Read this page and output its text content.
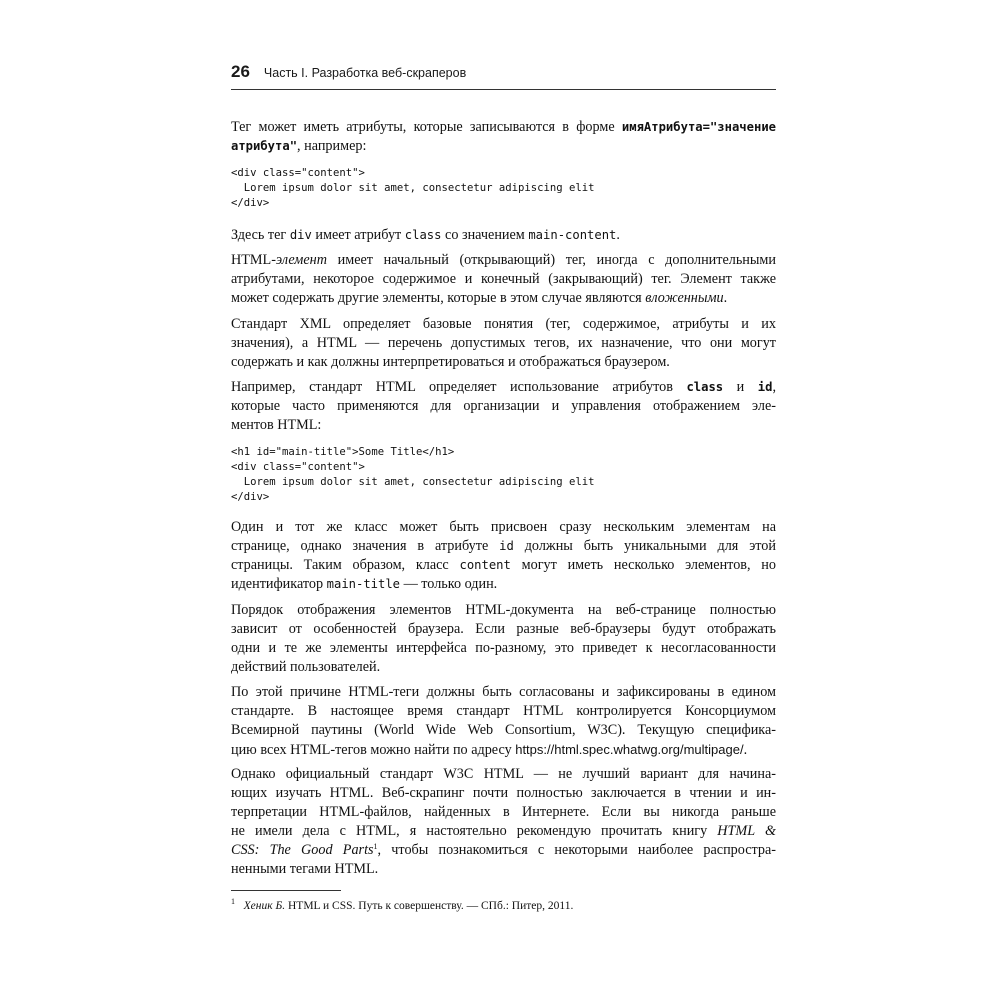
26 Часть I. Разработка веб-скраперов
Тег может иметь атрибуты, которые записываются в форме имяАтрибута="значение
атрибута", например:
<div class="content">
Lorem ipsum dolor sit amet, consectetur adipiscing elit
</div>
Здесь тег div имеет атрибут class со значением main-content.
HTML-элемент имеет начальный (открывающий) тег, иногда с дополнительными
атрибутами, некоторое содержимое и конечный (закрывающий) тег. Элемент также
может содержать другие элементы, которые в этом случае являются вложенными.
Стандарт XML определяет базовые понятия (тег, содержимое, атрибуты и их
значения), а HTML — перечень допустимых тегов, их назначение, что они могут
содержать и как должны интерпретироваться и отображаться браузером.
Например, стандарт HTML определяет использование атрибутов class и id,
которые часто применяются для организации и управления отображением эле-
ментов HTML:
<h1 id="main-title">Some Title</h1>
<div class="content">
Lorem ipsum dolor sit amet, consectetur adipiscing elit
</div>
Один и тот же класс может быть присвоен сразу нескольким элементам на
странице, однако значения в атрибуте id должны быть уникальными для этой
страницы. Таким образом, класс content могут иметь несколько элементов, но
идентификатор main-title — только один.
Порядок отображения элементов HTML-документа на веб-странице полностью
зависит от особенностей браузера. Если разные веб-браузеры будут отображать
одни и те же элементы интерфейса по-разному, это приведет к несогласованности
действий пользователей.
По этой причине HTML-теги должны быть согласованы и зафиксированы в едином
стандарте. В настоящее время стандарт HTML контролируется Консорциумом
Всемирной паутины (World Wide Web Consortium, W3C). Текущую специфика-
цию всех HTML-тегов можно найти по адресу https://html.spec.whatwg.org/multipage/.
Однако официальный стандарт W3C HTML — не лучший вариант для начина-
ющих изучать HTML. Веб-скрапинг почти полностью заключается в чтении и ин-
терпретации HTML-файлов, найденных в Интернете. Если вы никогда раньше
не имели дела с HTML, я настоятельно рекомендую прочитать книгу HTML &
CSS: The Good Parts$^1$, чтобы познакомиться с некоторыми наиболее распростра-
ненными тегами HTML.
$^1$ Хеник Б. HTML и CSS. Путь к совершенству. — СПб.: Питер, 2011.
